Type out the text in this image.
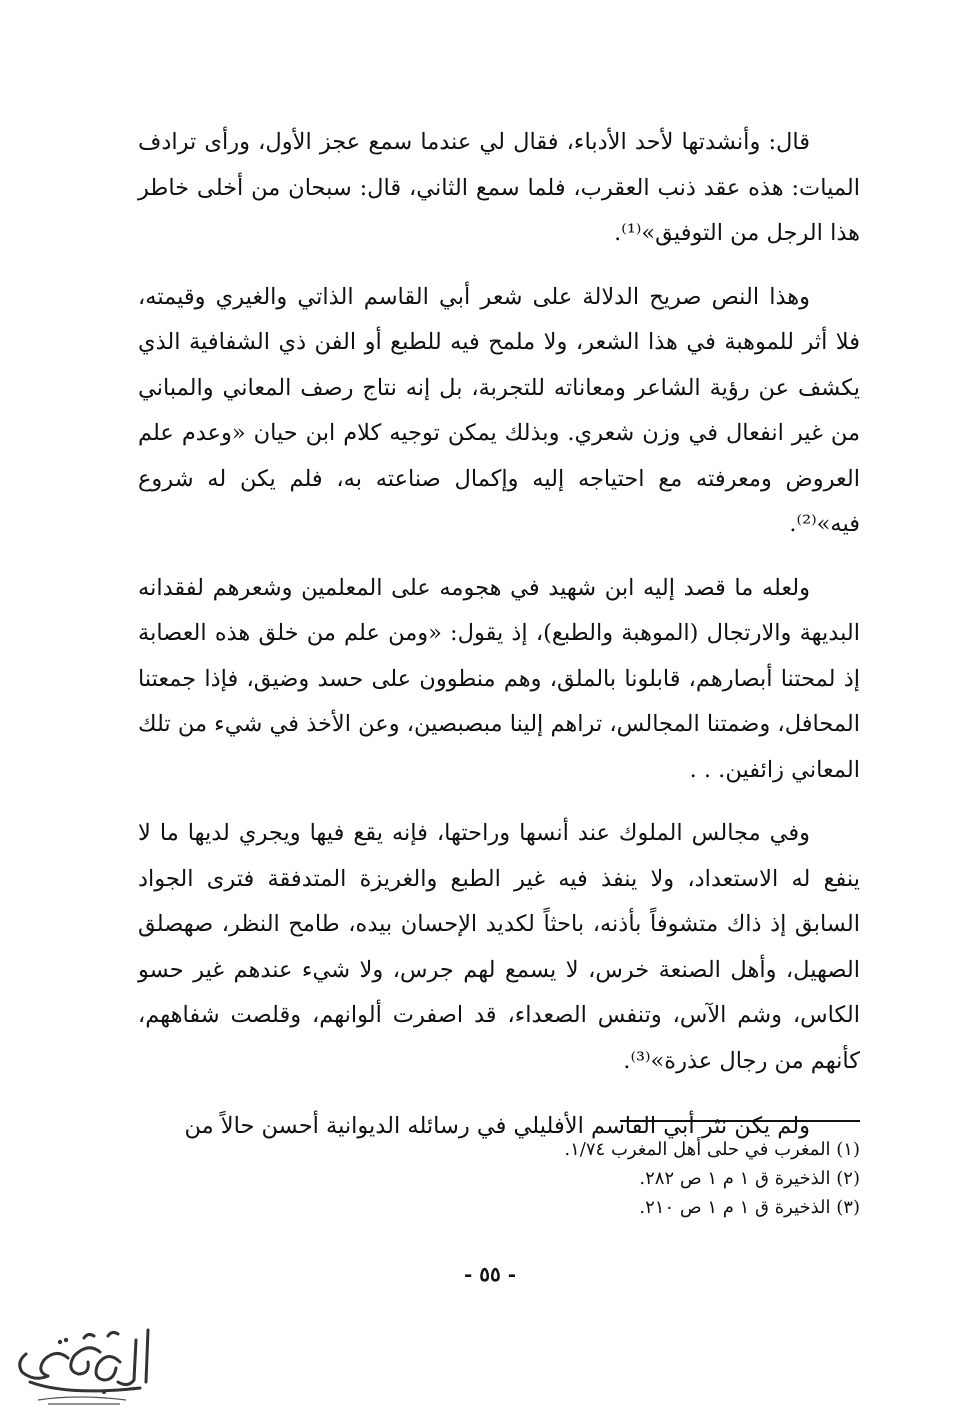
قال: وأنشدتها لأحد الأدباء، فقال لي عندما سمع عجز الأول، ورأى ترادف الميات: هذه عقد ذنب العقرب، فلما سمع الثاني، قال: سبحان من أخلى خاطر هذا الرجل من التوفيق»⁽¹⁾.

وهذا النص صريح الدلالة على شعر أبي القاسم الذاتي والغيري وقيمته، فلا أثر للموهبة في هذا الشعر، ولا ملمح فيه للطبع أو الفن ذي الشفافية الذي يكشف عن رؤية الشاعر ومعاناته للتجربة، بل إنه نتاج رصف المعاني والمباني من غير انفعال في وزن شعري. وبذلك يمكن توجيه كلام ابن حيان «وعدم علم العروض ومعرفته مع احتياجه إليه وإكمال صناعته به، فلم يكن له شروع فيه»⁽²⁾.

ولعله ما قصد إليه ابن شهيد في هجومه على المعلمين وشعرهم لفقدانه البديهة والارتجال (الموهبة والطبع)، إذ يقول: «ومن علم من خلق هذه العصابة إذ لمحتنا أبصارهم، قابلونا بالملق، وهم منطوون على حسد وضيق، فإذا جمعتنا المحافل، وضمتنا المجالس، تراهم إلينا مبصبصين، وعن الأخذ في شيء من تلك المعاني زائفين. . .

وفي مجالس الملوك عند أنسها وراحتها، فإنه يقع فيها ويجري لديها ما لا ينفع له الاستعداد، ولا ينفذ فيه غير الطبع والغريزة المتدفقة فترى الجواد السابق إذ ذاك متشوفاً بأذنه، باحثاً لكديد الإحسان بيده، طامح النظر، صهصلق الصهيل، وأهل الصنعة خرس، لا يسمع لهم جرس، ولا شيء عندهم غير حسو الكاس، وشم الآس، وتنفس الصعداء، قد اصفرت ألوانهم، وقلصت شفاههم، كأنهم من رجال عذرة»⁽³⁾.

ولم يكن نثر أبي القاسم الأفليلي في رسائله الديوانية أحسن حالاً من

(١) المغرب في حلى أهل المغرب ١/٧٤.

(٢) الذخيرة ق ١ م ١ ص ٢٨٢.

(٣) الذخيرة ق ١ م ١ ص ٢١٠.

- ٥٥ -
